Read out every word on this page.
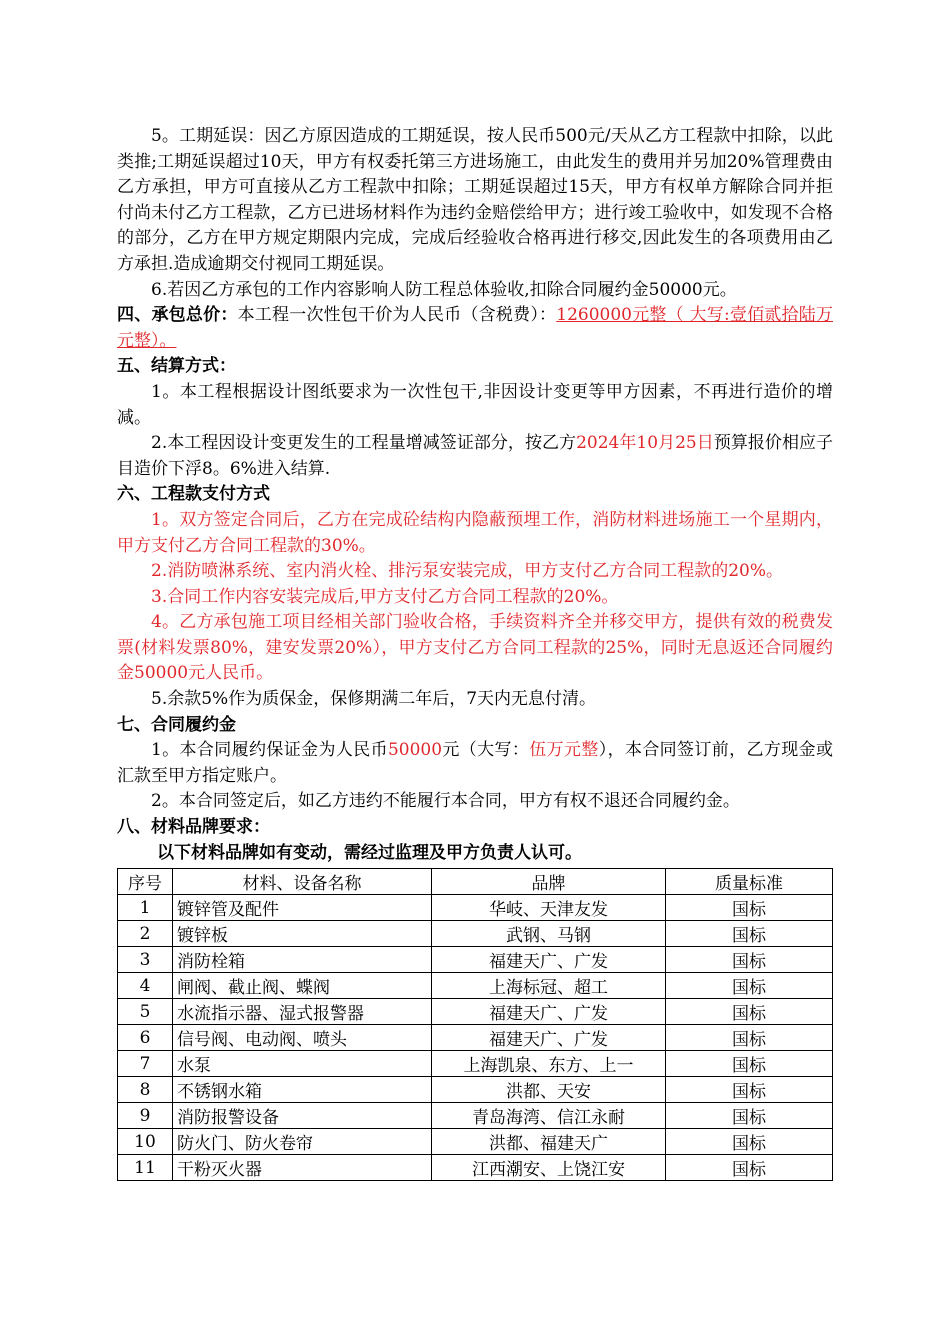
5。工期延误：因乙方原因造成的工期延误，按人民币500元/天从乙方工程款中扣除，以此类推;工期延误超过10天，甲方有权委托第三方进场施工，由此发生的费用并另加20%管理费由乙方承担，甲方可直接从乙方工程款中扣除；工期延误超过15天，甲方有权单方解除合同并拒付尚未付乙方工程款，乙方已进场材料作为违约金赔偿给甲方；进行竣工验收中，如发现不合格的部分，乙方在甲方规定期限内完成，完成后经验收合格再进行移交,因此发生的各项费用由乙方承担.造成逾期交付视同工期延误。

6.若因乙方承包的工作内容影响人防工程总体验收,扣除合同履约金50000元。

四、承包总价：本工程一次性包干价为人民币（含税费）：1260000元整（ 大写:壹佰贰拾陆万元整）。

五、结算方式：

1。本工程根据设计图纸要求为一次性包干,非因设计变更等甲方因素，不再进行造价的增减。

2.本工程因设计变更发生的工程量增减签证部分，按乙方2024年10月25日预算报价相应子目造价下浮8。6%进入结算.

六、工程款支付方式

1。双方签定合同后，乙方在完成砼结构内隐蔽预埋工作，消防材料进场施工一个星期内，甲方支付乙方合同工程款的30%。

2.消防喷淋系统、室内消火栓、排污泵安装完成，甲方支付乙方合同工程款的20%。

3.合同工作内容安装完成后,甲方支付乙方合同工程款的20%。

4。乙方承包施工项目经相关部门验收合格，手续资料齐全并移交甲方，提供有效的税费发票(材料发票80%，建安发票20%），甲方支付乙方合同工程款的25%，同时无息返还合同履约金50000元人民币。

5.余款5%作为质保金，保修期满二年后，7天内无息付清。

七、合同履约金

1。本合同履约保证金为人民币50000元（大写：伍万元整），本合同签订前，乙方现金或汇款至甲方指定账户。

2。本合同签定后，如乙方违约不能履行本合同，甲方有权不退还合同履约金。

八、材料品牌要求：

以下材料品牌如有变动，需经过监理及甲方负责人认可。

序号	材料、设备名称	品牌	质量标准
1	镀锌管及配件	华岐、天津友发	国标
2	镀锌板	武钢、马钢	国标
3	消防栓箱	福建天广、广发	国标
4	闸阀、截止阀、蝶阀	上海标冠、超工	国标
5	水流指示器、湿式报警器	福建天广、广发	国标
6	信号阀、电动阀、喷头	福建天广、广发	国标
7	水泵	上海凯泉、东方、上一	国标
8	不锈钢水箱	洪都、天安	国标
9	消防报警设备	青岛海湾、信江永耐	国标
10	防火门、防火卷帘	洪都、福建天广	国标
11	干粉灭火器	江西潮安、上饶江安	国标
